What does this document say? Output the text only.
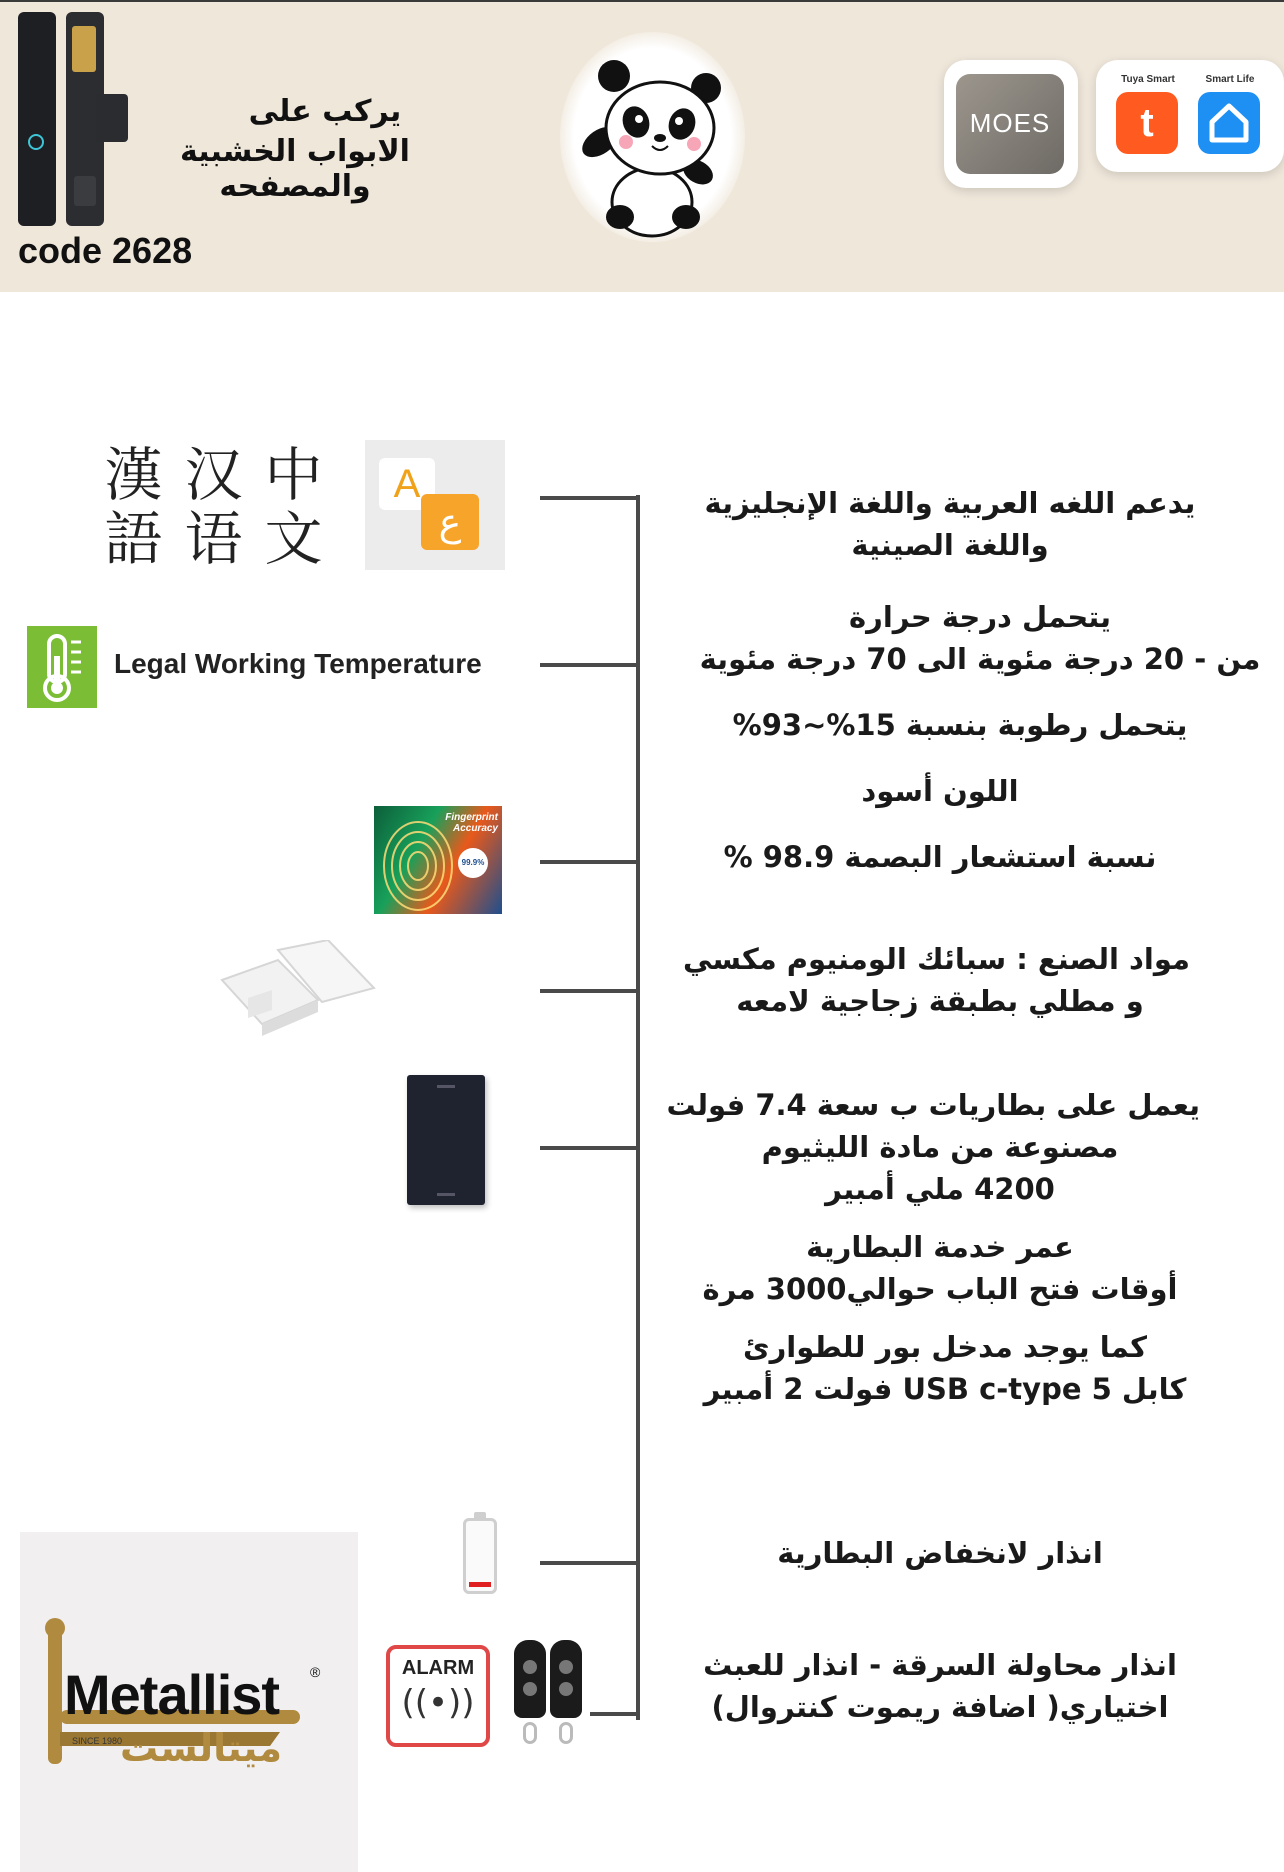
يركب على
الابواب الخشبية والمصفحه
code 2628
MOES
Tuya Smart	Smart Life
t
中文
汉语
漢語	A
ع
Legal Working Temperature
Fingerprint Accuracy
99.9%
ALARM
((•))
Metallist ®
SINCE 1980
ميتالست
يدعم اللغه العربية واللغة الإنجليزية
واللغة الصينية
يتحمل درجة حرارة
من - 20 درجة مئوية الى 70 درجة مئوية
يتحمل رطوبة بنسبة 15%~93%
اللون أسود
نسبة استشعار البصمة 98.9 %
مواد الصنع : سبائك الومنيوم مكسي
و مطلي بطبقة زجاجية لامعه
يعمل على بطاريات ب سعة 7.4 فولت
مصنوعة من مادة الليثيوم
4200 ملي أمبير
عمر خدمة البطارية
أوقات فتح الباب حوالي3000 مرة
كما يوجد مدخل بور للطوارئ
كابل USB c-type 5 فولت 2 أمبير
انذار لانخفاض البطارية
انذار محاولة السرقة - انذار للعبث
اختياري( اضافة ريموت كنتروال)
